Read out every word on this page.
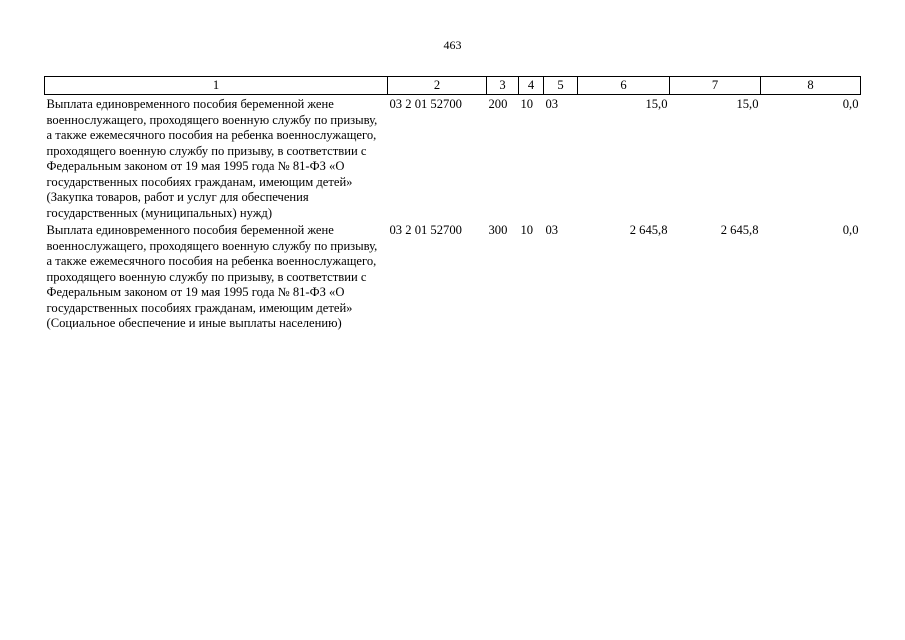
463
1	2	3	4	5	6	7	8
Выплата единовременного пособия беременной жене военнослужащего, проходящего военную службу по призыву, а также ежемесячного пособия на ребенка военнослужащего, проходящего военную службу по призыву, в соответствии с Федеральным законом от 19 мая 1995 года № 81-ФЗ «О государственных пособиях гражданам, имеющим детей» (Закупка товаров, работ и услуг для обеспечения государственных (муниципальных) нужд)	03 2 01 52700	200	10	03	15,0	15,0	0,0
Выплата единовременного пособия беременной жене военнослужащего, проходящего военную службу по призыву, а также ежемесячного пособия на ребенка военнослужащего, проходящего военную службу по призыву, в соответствии с Федеральным законом от 19 мая 1995 года № 81-ФЗ «О государственных пособиях гражданам, имеющим детей» (Социальное обеспечение и иные выплаты населению)	03 2 01 52700	300	10	03	2 645,8	2 645,8	0,0
